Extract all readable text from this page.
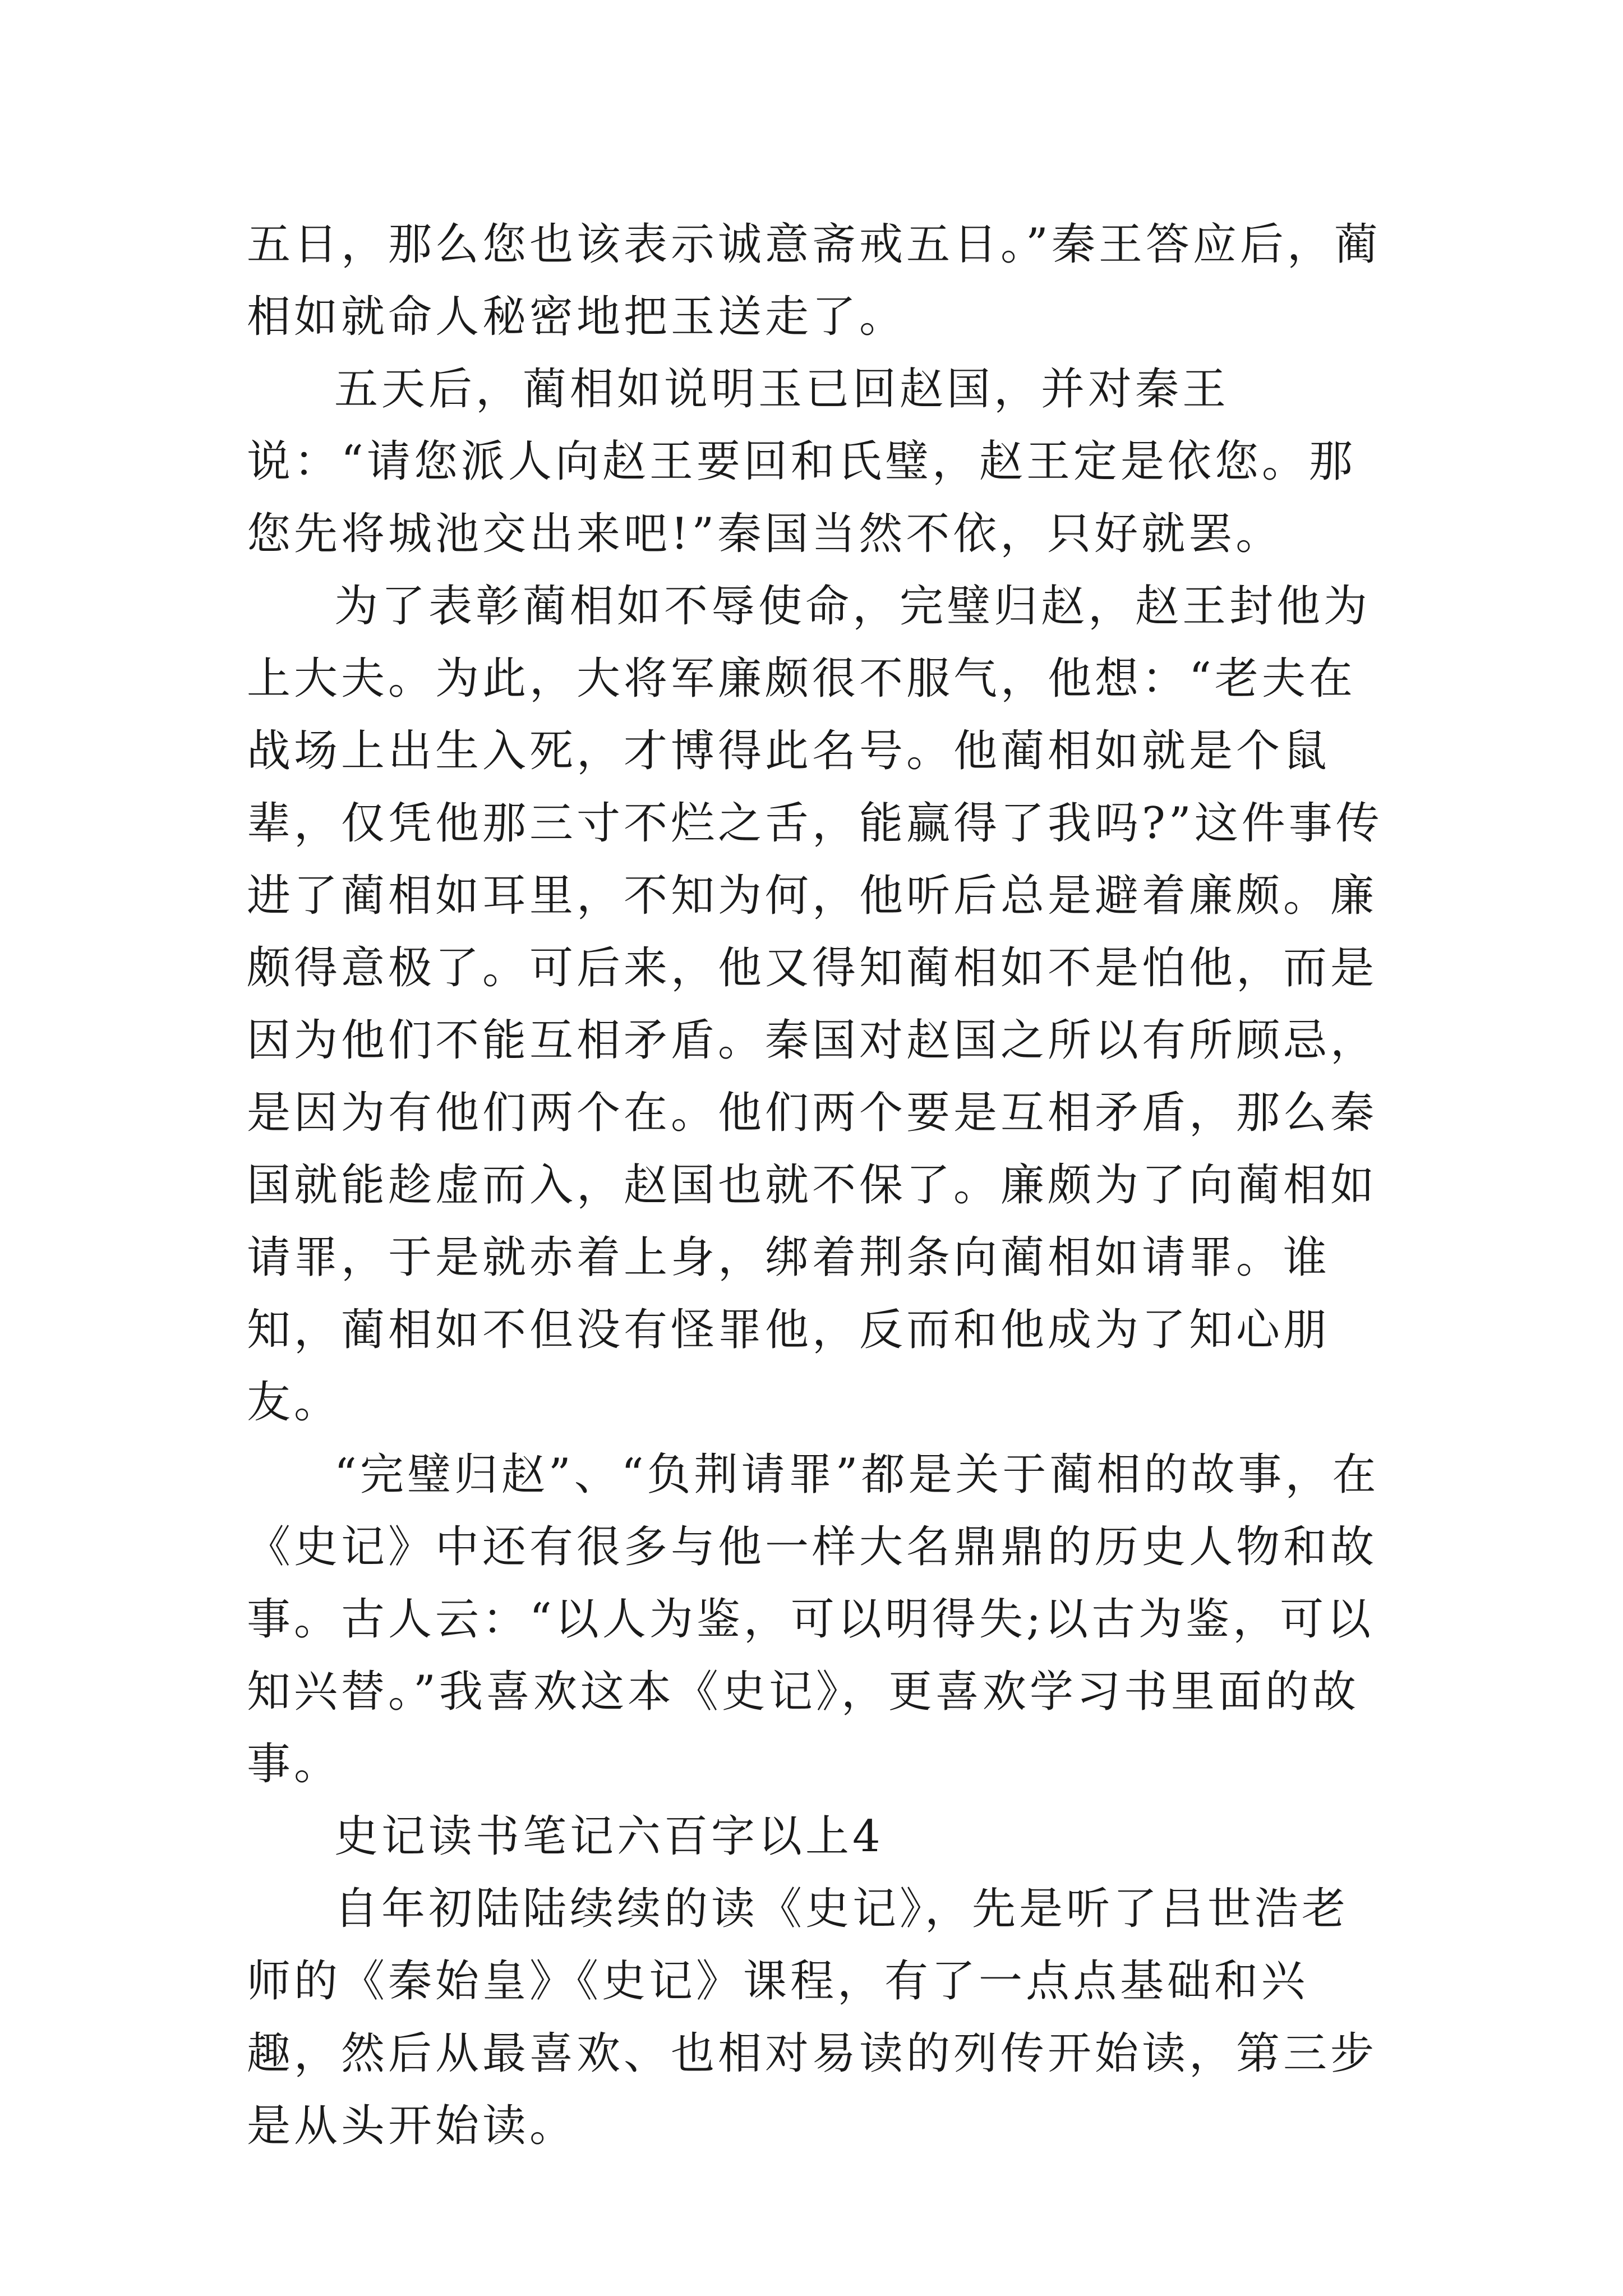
五日，那么您也该表示诚意斋戒五日。”秦王答应后，蔺相如就命人秘密地把玉送走了。

五天后，蔺相如说明玉已回赵国，并对秦王说：“请您派人向赵王要回和氏璧，赵王定是依您。那您先将城池交出来吧!”秦国当然不依，只好就罢。

为了表彰蔺相如不辱使命，完璧归赵，赵王封他为上大夫。为此，大将军廉颇很不服气，他想：“老夫在战场上出生入死，才博得此名号。他蔺相如就是个鼠辈，仅凭他那三寸不烂之舌，能赢得了我吗?”这件事传进了蔺相如耳里，不知为何，他听后总是避着廉颇。廉颇得意极了。可后来，他又得知蔺相如不是怕他，而是因为他们不能互相矛盾。秦国对赵国之所以有所顾忌，是因为有他们两个在。他们两个要是互相矛盾，那么秦国就能趁虚而入，赵国也就不保了。廉颇为了向蔺相如请罪，于是就赤着上身，绑着荆条向蔺相如请罪。谁知，蔺相如不但没有怪罪他，反而和他成为了知心朋友。

“完璧归赵”、“负荆请罪”都是关于蔺相的故事，在《史记》中还有很多与他一样大名鼎鼎的历史人物和故事。古人云：“以人为鉴，可以明得失;以古为鉴，可以知兴替。”我喜欢这本《史记》，更喜欢学习书里面的故事。

史记读书笔记六百字以上4

自年初陆陆续续的读《史记》，先是听了吕世浩老师的《秦始皇》《史记》课程，有了一点点基础和兴趣，然后从最喜欢、也相对易读的列传开始读，第三步是从头开始读。
